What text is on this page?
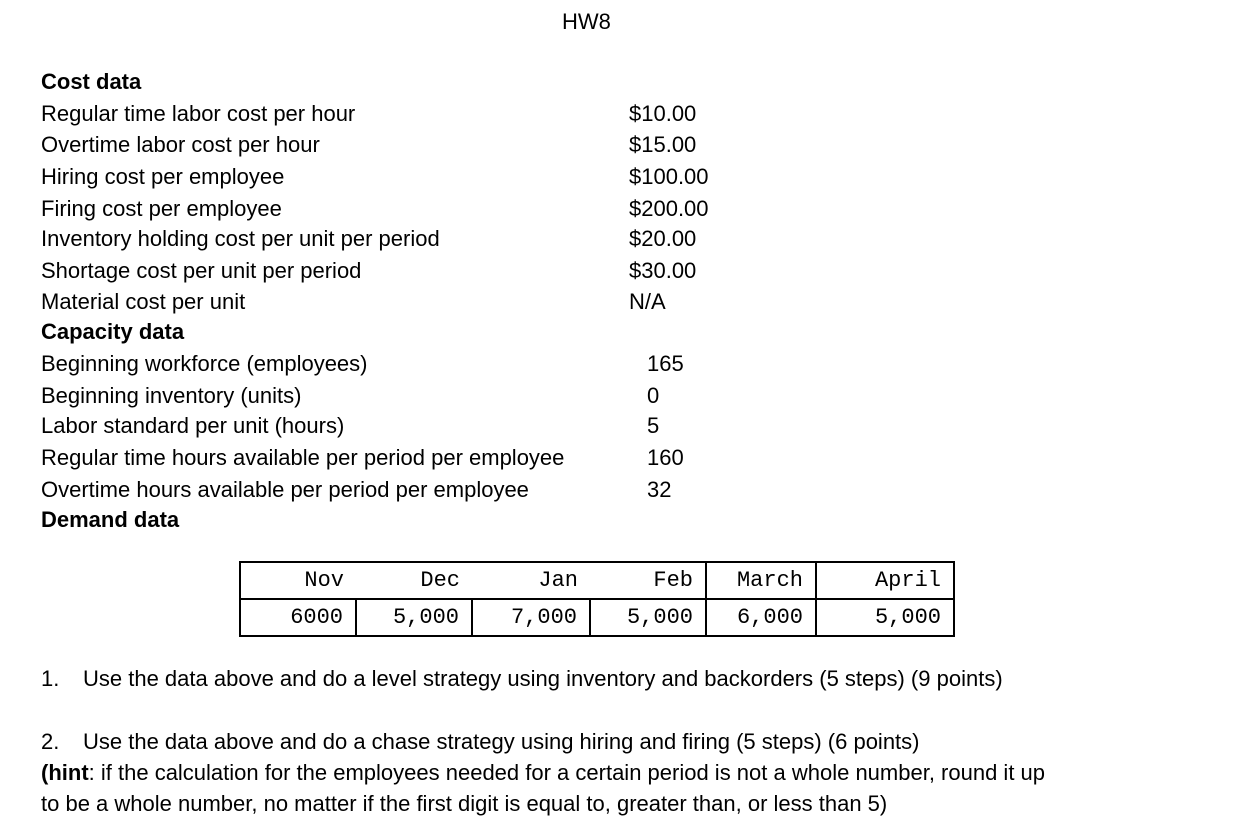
HW8
Cost data
Regular time labor cost per hour	$10.00
Overtime labor cost per hour	$15.00
Hiring cost per employee	$100.00
Firing cost per employee	$200.00
Inventory holding cost per unit per period	$20.00
Shortage cost per unit per period	$30.00
Material cost per unit	N/A
Capacity data
Beginning workforce (employees)	165
Beginning inventory (units)	0
Labor standard per unit (hours)	5
Regular time hours available per period per employee	160
Overtime hours available per period per employee	32
Demand data
Nov	Dec	Jan	Feb	March	April
6000	5,000	7,000	5,000	6,000	5,000
1. Use the data above and do a level strategy using inventory and backorders (5 steps) (9 points)
2. Use the data above and do a chase strategy using hiring and firing (5 steps) (6 points)
(hint: if the calculation for the employees needed for a certain period is not a whole number, round it up
to be a whole number, no matter if the first digit is equal to, greater than, or less than 5)
